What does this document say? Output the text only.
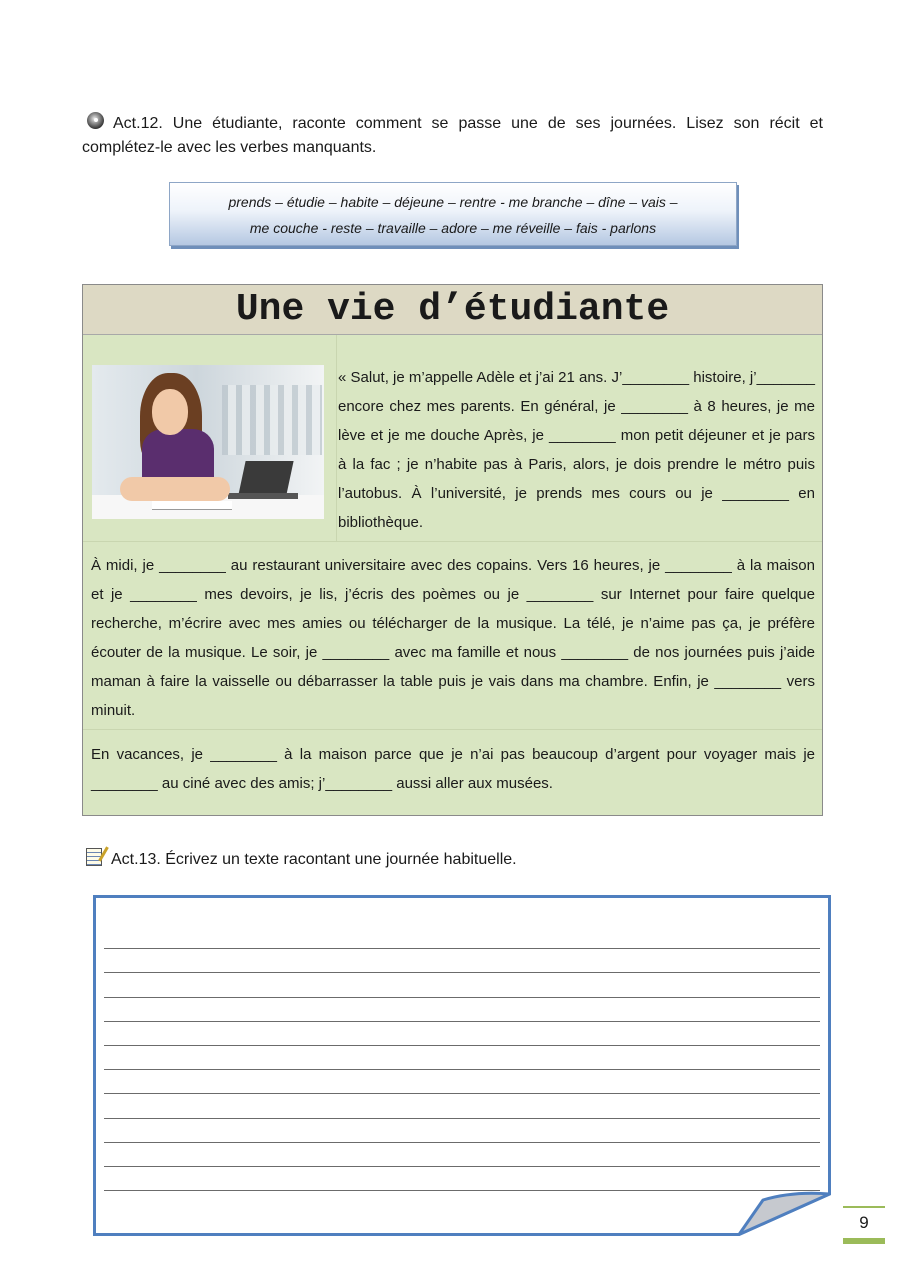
Act.12. Une étudiante, raconte comment se passe une de ses journées. Lisez son récit et complétez-le avec les verbes manquants.
prends – étudie – habite – déjeune – rentre - me branche – dîne – vais –
me couche - reste – travaille – adore – me réveille – fais - parlons
Une vie d’étudiante

« Salut, je m’appelle Adèle et j’ai 21 ans. J’________ histoire, j’_______ encore chez mes parents. En général, je ________ à 8 heures, je me lève et je me douche Après, je ________ mon petit déjeuner et je pars à la fac ; je n’habite pas à Paris, alors, je dois prendre le métro puis l’autobus. À l’université, je prends mes cours ou je ________ en bibliothèque.

À midi, je ________ au restaurant universitaire avec des copains. Vers 16 heures, je ________ à la maison et je ________ mes devoirs, je lis, j’écris des poèmes ou je ________ sur Internet pour faire quelque recherche, m’écrire avec mes amies ou télécharger de la musique. La télé, je n’aime pas ça, je préfère écouter de la musique. Le soir, je ________ avec ma famille et nous ________ de nos journées puis j’aide maman à faire la vaisselle ou débarrasser la table puis je vais dans ma chambre. Enfin, je ________ vers minuit.

En vacances, je ________ à la maison parce que je n’ai pas beaucoup d’argent pour voyager mais je ________ au ciné avec des amis; j’________ aussi aller aux musées.

Act.13. Écrivez un texte racontant une journée habituelle.
9
